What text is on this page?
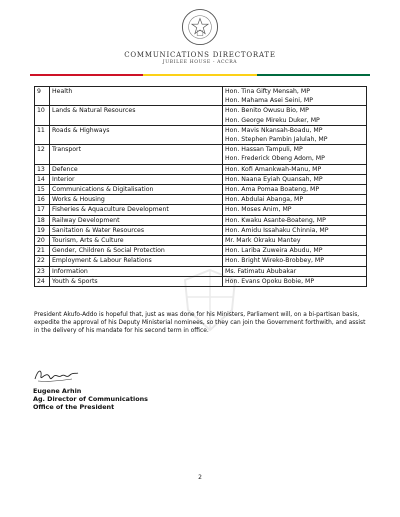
COMMUNICATIONS DIRECTORATE
JUBILEE HOUSE - ACCRA
9	Health	Hon. Tina Gifty Mensah, MP
Hon. Mahama Asei Seini, MP

10	Lands & Natural Resources	Hon. Benito Owusu Bio, MP
Hon. George Mireku Duker, MP

11	Roads & Highways	Hon. Mavis Nkansah-Boadu, MP
Hon. Stephen Pambin Jalulah, MP

12	Transport	Hon. Hassan Tampuli, MP
Hon. Frederick Obeng Adom, MP

13	Defence	Hon. Kofi Amankwah-Manu, MP

14	Interior	Hon. Naana Eyiah Quansah, MP

15	Communications & Digitalisation	Hon. Ama Pomaa Boateng, MP

16	Works & Housing	Hon. Abdulai Abanga, MP

17	Fisheries & Aquaculture Development	Hon. Moses Anim, MP

18	Railway Development	Hon. Kwaku Asante-Boateng, MP

19	Sanitation & Water Resources	Hon. Amidu Issahaku Chinnia, MP

20	Tourism, Arts & Culture	Mr. Mark Okraku Mantey

21	Gender, Children & Social Protection	Hon. Lariba Zuweira Abudu, MP

22	Employment & Labour Relations	Hon. Bright Wireko-Brobbey, MP

23	Information	Ms. Fatimatu Abubakar

24	Youth & Sports	Hon. Evans Opoku Bobie, MP
President Akufo-Addo is hopeful that, just as was done for his Ministers, Parliament will, on a bi-partisan basis, expedite the approval of his Deputy Ministerial nominees, so they can join the Government forthwith, and assist in the delivery of his mandate for his second term in office.
Eugene Arhin
Ag. Director of Communications
Office of the President
2
